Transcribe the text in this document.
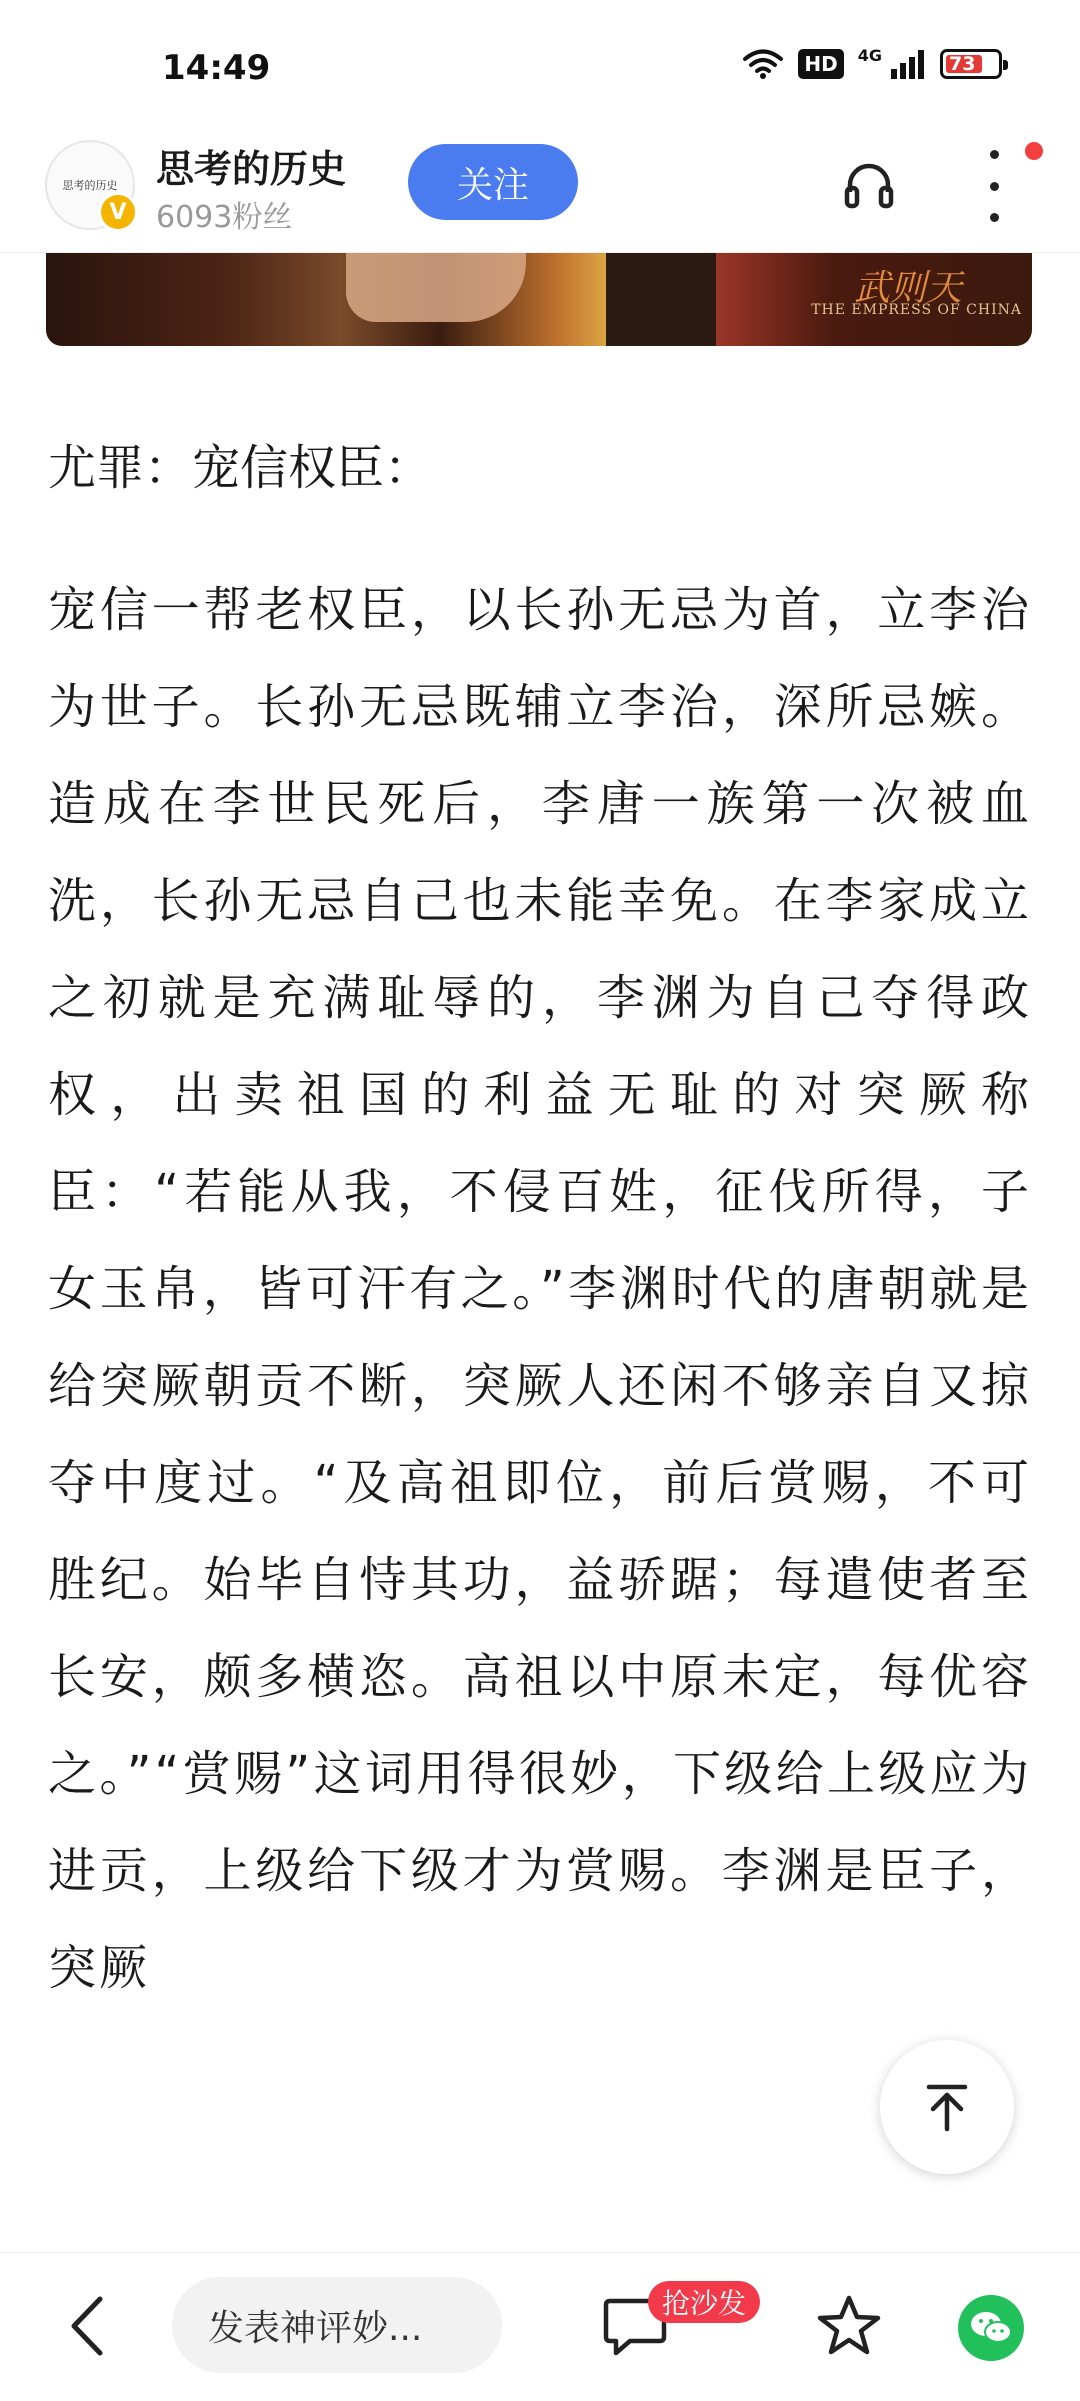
14:49	HD	4G	73
思考的历史
V
思考的历史
6093粉丝
关注
武则天
THE EMPRESS OF CHINA

尤罪：宠信权臣：

宠信一帮老权臣，以长孙无忌为首，立李治为世子。长孙无忌既辅立李治，深所忌嫉。造成在李世民死后，李唐一族第一次被血洗，长孙无忌自己也未能幸免。在李家成立之初就是充满耻辱的，李渊为自己夺得政权，出卖祖国的利益无耻的对突厥称臣：“若能从我，不侵百姓，征伐所得，子女玉帛，皆可汗有之。”李渊时代的唐朝就是给突厥朝贡不断，突厥人还闲不够亲自又掠夺中度过。“及高祖即位，前后赏赐，不可胜纪。始毕自恃其功，益骄踞；每遣使者至长安，颇多横恣。高祖以中原未定，每优容之。”“赏赐”这词用得很妙，下级给上级应为进贡，上级给下级才为赏赐。李渊是臣子，突厥

发表神评妙...
抢沙发
